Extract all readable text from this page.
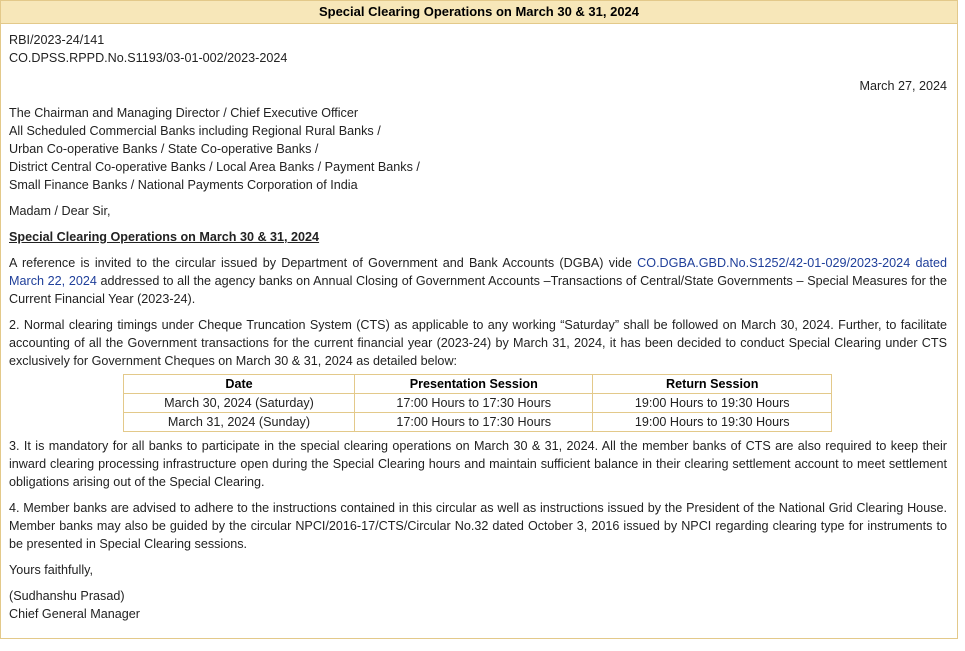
Special Clearing Operations on March 30 & 31, 2024
RBI/2023-24/141
CO.DPSS.RPPD.No.S1193/03-01-002/2023-2024
March 27, 2024
The Chairman and Managing Director / Chief Executive Officer
All Scheduled Commercial Banks including Regional Rural Banks /
Urban Co-operative Banks / State Co-operative Banks /
District Central Co-operative Banks / Local Area Banks / Payment Banks /
Small Finance Banks / National Payments Corporation of India
Madam / Dear Sir,
Special Clearing Operations on March 30 & 31, 2024

A reference is invited to the circular issued by Department of Government and Bank Accounts (DGBA) vide CO.DGBA.GBD.No.S1252/42-01-029/2023-2024 dated March 22, 2024 addressed to all the agency banks on Annual Closing of Government Accounts –Transactions of Central/State Governments – Special Measures for the Current Financial Year (2023-24).

2. Normal clearing timings under Cheque Truncation System (CTS) as applicable to any working “Saturday” shall be followed on March 30, 2024. Further, to facilitate accounting of all the Government transactions for the current financial year (2023-24) by March 31, 2024, it has been decided to conduct Special Clearing under CTS exclusively for Government Cheques on March 30 & 31, 2024 as detailed below:

Date	Presentation Session	Return Session
March 30, 2024 (Saturday)	17:00 Hours to 17:30 Hours	19:00 Hours to 19:30 Hours
March 31, 2024 (Sunday)	17:00 Hours to 17:30 Hours	19:00 Hours to 19:30 Hours

3. It is mandatory for all banks to participate in the special clearing operations on March 30 & 31, 2024. All the member banks of CTS are also required to keep their inward clearing processing infrastructure open during the Special Clearing hours and maintain sufficient balance in their clearing settlement account to meet settlement obligations arising out of the Special Clearing.

4. Member banks are advised to adhere to the instructions contained in this circular as well as instructions issued by the President of the National Grid Clearing House. Member banks may also be guided by the circular NPCI/2016-17/CTS/Circular No.32 dated October 3, 2016 issued by NPCI regarding clearing type for instruments to be presented in Special Clearing sessions.

Yours faithfully,
(Sudhanshu Prasad)
Chief General Manager
